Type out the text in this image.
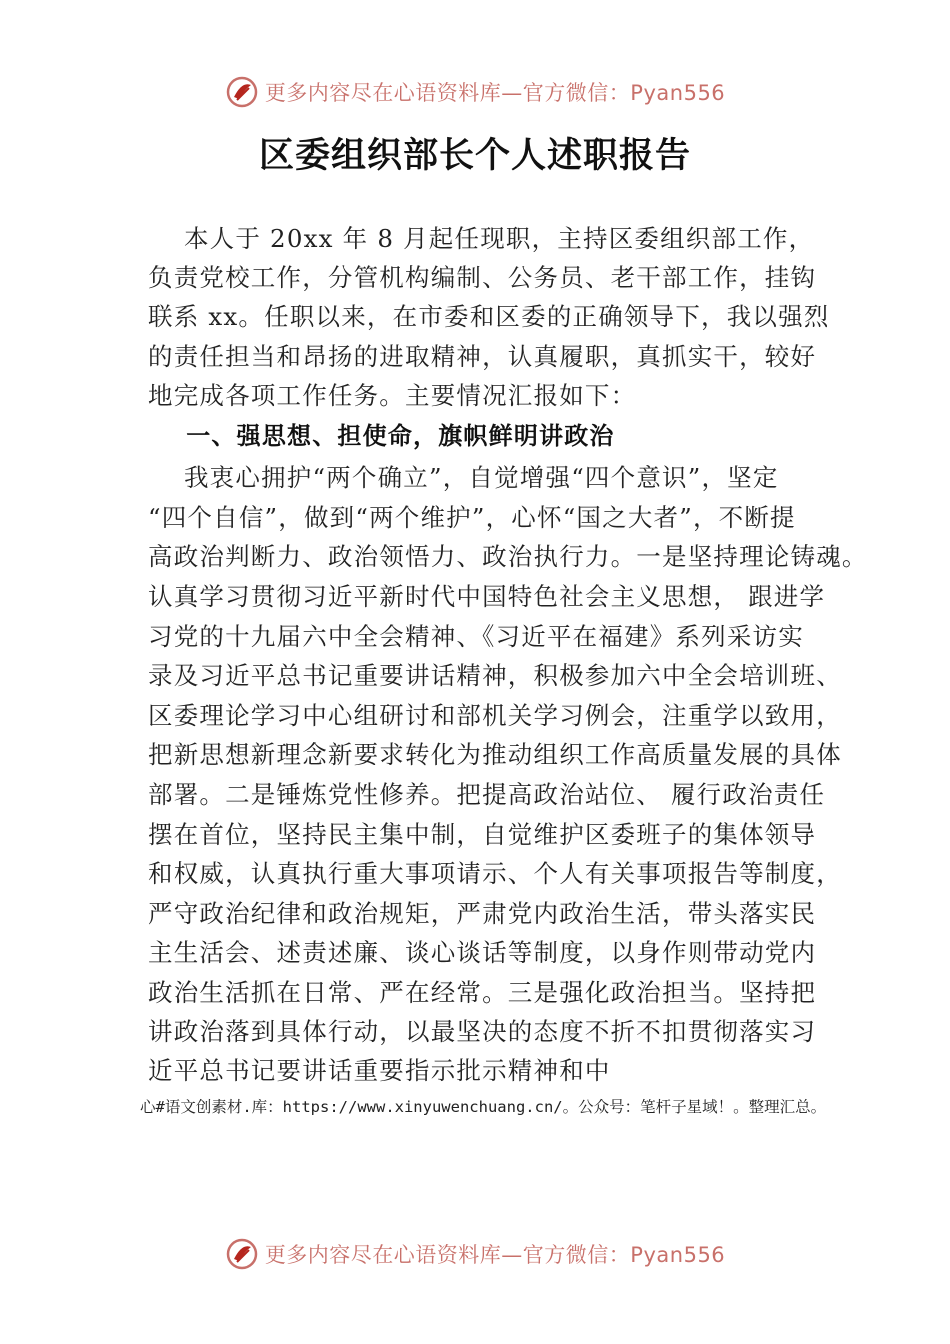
更多内容尽在心语资料库—官方微信：Pyan556
区委组织部长个人述职报告
本人于 20xx 年 8 月起任现职，主持区委组织部工作，
负责党校工作，分管机构编制、公务员、老干部工作，挂钩
联系 xx。任职以来，在市委和区委的正确领导下，我以强烈
的责任担当和昂扬的进取精神，认真履职，真抓实干，较好
地完成各项工作任务。主要情况汇报如下：
一、强思想、担使命，旗帜鲜明讲政治
我衷心拥护“两个确立”，自觉增强“四个意识”，坚定
“四个自信”，做到“两个维护”，心怀“国之大者”，不断提
高政治判断力、政治领悟力、政治执行力。一是坚持理论铸魂。
认真学习贯彻习近平新时代中国特色社会主义思想， 跟进学
习党的十九届六中全会精神、《习近平在福建》系列采访实
录及习近平总书记重要讲话精神，积极参加六中全会培训班、
区委理论学习中心组研讨和部机关学习例会，注重学以致用，
把新思想新理念新要求转化为推动组织工作高质量发展的具体
部署。二是锤炼党性修养。把提高政治站位、 履行政治责任
摆在首位，坚持民主集中制，自觉维护区委班子的集体领导
和权威，认真执行重大事项请示、个人有关事项报告等制度，
严守政治纪律和政治规矩，严肃党内政治生活，带头落实民
主生活会、述责述廉、谈心谈话等制度，以身作则带动党内
政治生活抓在日常、严在经常。三是强化政治担当。坚持把
讲政治落到具体行动，以最坚决的态度不折不扣贯彻落实习
近平总书记要讲话重要指示批示精神和中
心#语文创素材.库：https://www.xinyuwenchuang.cn/。公众号：笔杆子星域！。整理汇总。
更多内容尽在心语资料库—官方微信：Pyan556
